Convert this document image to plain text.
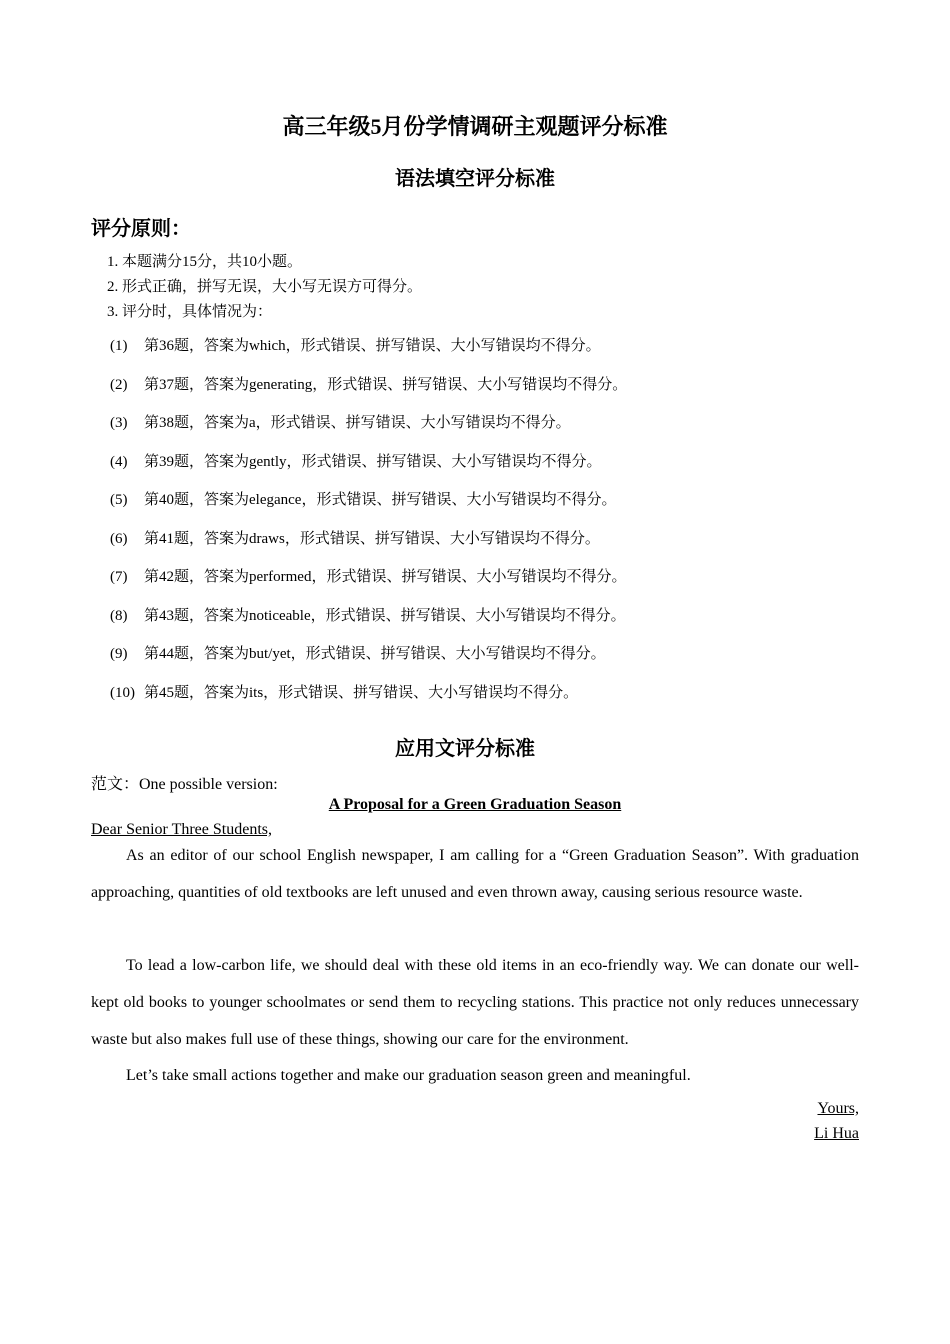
高三年级5月份学情调研主观题评分标准
语法填空评分标准
评分原则：
1. 本题满分15分，共10小题。
2. 形式正确，拼写无误，大小写无误方可得分。
3. 评分时，具体情况为：
(1) 第36题，答案为which，形式错误、拼写错误、大小写错误均不得分。
(2) 第37题，答案为generating，形式错误、拼写错误、大小写错误均不得分。
(3) 第38题，答案为a，形式错误、拼写错误、大小写错误均不得分。
(4) 第39题，答案为gently，形式错误、拼写错误、大小写错误均不得分。
(5) 第40题，答案为elegance，形式错误、拼写错误、大小写错误均不得分。
(6) 第41题，答案为draws，形式错误、拼写错误、大小写错误均不得分。
(7) 第42题，答案为performed，形式错误、拼写错误、大小写错误均不得分。
(8) 第43题，答案为noticeable，形式错误、拼写错误、大小写错误均不得分。
(9) 第44题，答案为but/yet，形式错误、拼写错误、大小写错误均不得分。
(10) 第45题，答案为its，形式错误、拼写错误、大小写错误均不得分。
应用文评分标准
范文：One possible version:
A Proposal for a Green Graduation Season
Dear Senior Three Students,
As an editor of our school English newspaper, I am calling for a “Green Graduation Season”. With graduation approaching, quantities of old textbooks are left unused and even thrown away, causing serious resource waste.
To lead a low-carbon life, we should deal with these old items in an eco-friendly way. We can donate our well-kept old books to younger schoolmates or send them to recycling stations. This practice not only reduces unnecessary waste but also makes full use of these things, showing our care for the environment.
Let’s take small actions together and make our graduation season green and meaningful.
Yours,
Li Hua
